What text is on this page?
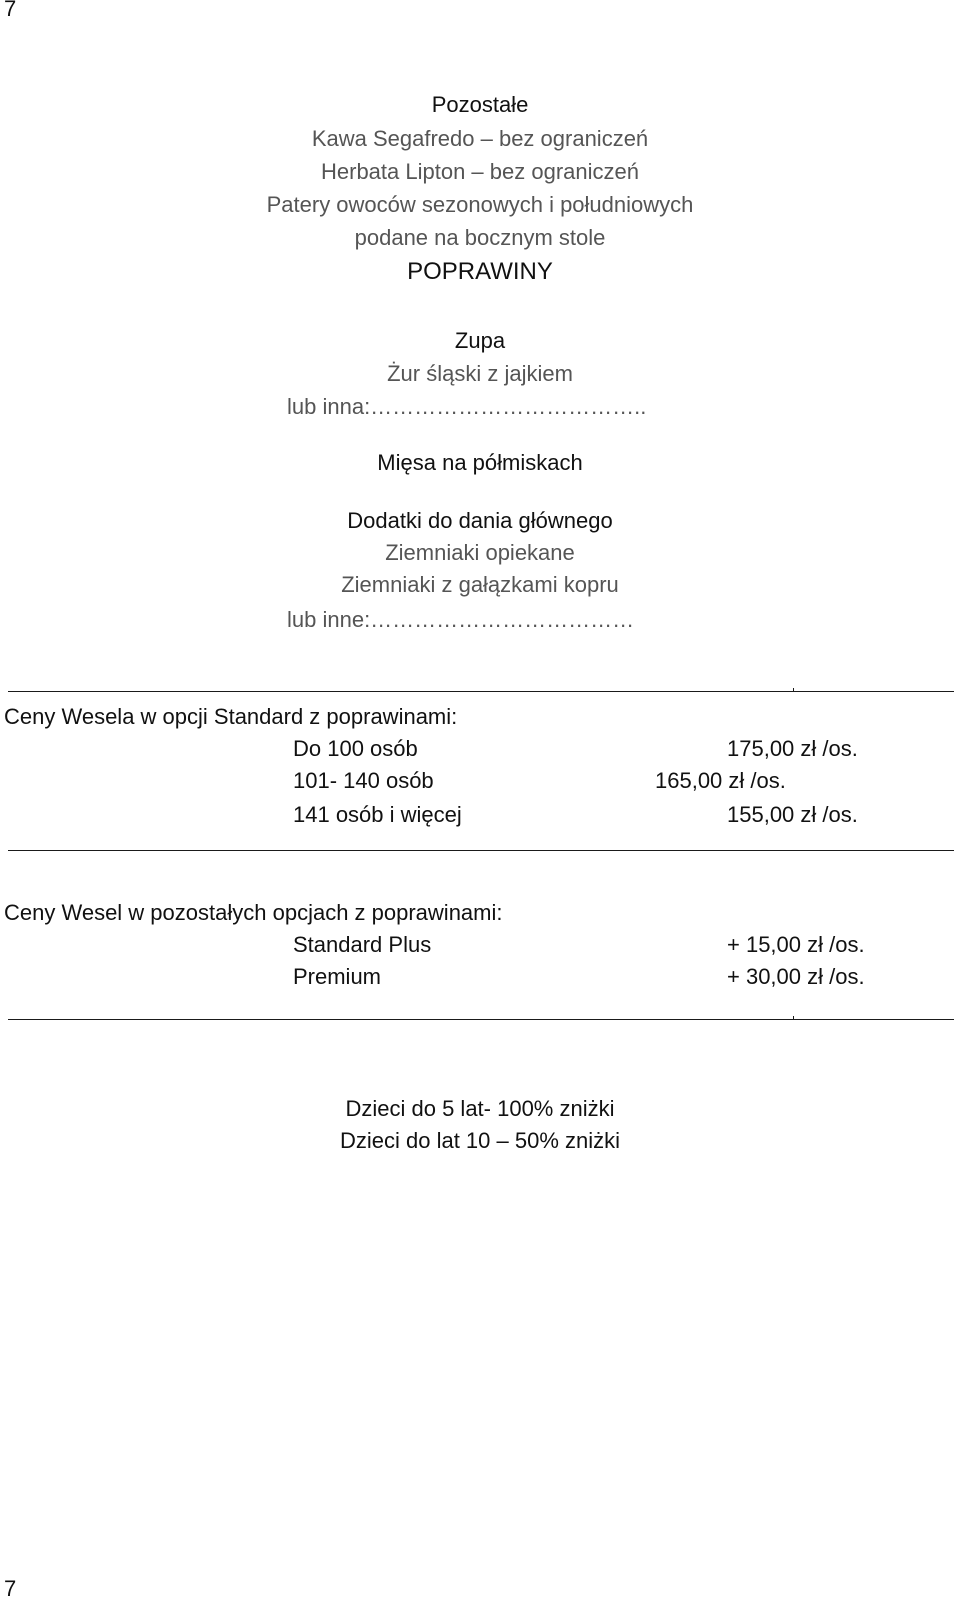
7
Pozostałe
Kawa Segafredo – bez ograniczeń
Herbata Lipton – bez ograniczeń
Patery owoców sezonowych i południowych
podane na bocznym stole
POPRAWINY
Zupa
Żur śląski z jajkiem
lub inna:………………………………..
Mięsa na półmiskach
Dodatki do dania głównego
Ziemniaki opiekane
Ziemniaki z gałązkami kopru
lub inne:………………………………
Ceny Wesela w opcji Standard z poprawinami:
Do 100 osób	175,00 zł /os.
101- 140 osób	165,00 zł /os.
141 osób i więcej	155,00 zł /os.
Ceny Wesel w pozostałych opcjach z poprawinami:
Standard Plus	+ 15,00 zł /os.
Premium	+ 30,00 zł /os.
Dzieci do 5 lat- 100% zniżki
Dzieci do lat 10 – 50% zniżki
7
